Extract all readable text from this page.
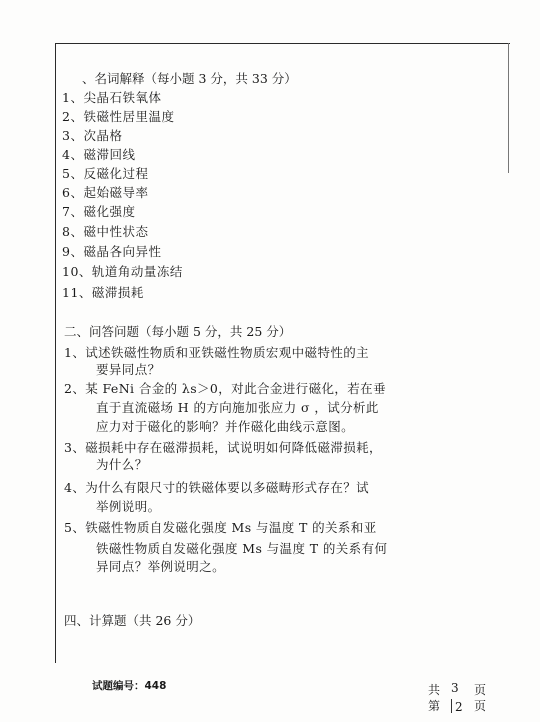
、名词解释（每小题 3 分，共 33 分）
1、尖晶石铁氧体
2、铁磁性居里温度
3、次晶格
4、磁滞回线
5、反磁化过程
6、起始磁导率
7、磁化强度
8、磁中性状态
9、磁晶各向异性
10、轨道角动量冻结
11、磁滞损耗
二、问答问题（每小题 5 分，共 25 分）
1、试述铁磁性物质和亚铁磁性物质宏观中磁特性的主
要异同点？
2、某 FeNi 合金的 λs＞0，对此合金进行磁化，若在垂
直于直流磁场 H 的方向施加张应力 σ ，试分析此
应力对于磁化的影响？并作磁化曲线示意图。
3、磁损耗中存在磁滞损耗，试说明如何降低磁滞损耗，
为什么？
4、为什么有限尺寸的铁磁体要以多磁畴形式存在？试
举例说明。
5、铁磁性物质自发磁化强度 Ms 与温度 T 的关系和亚
铁磁性物质自发磁化强度 Ms 与温度 T 的关系有何
异同点？举例说明之。
四、计算题（共 26 分）
试题编号：448	共 3 页
第 2 页
